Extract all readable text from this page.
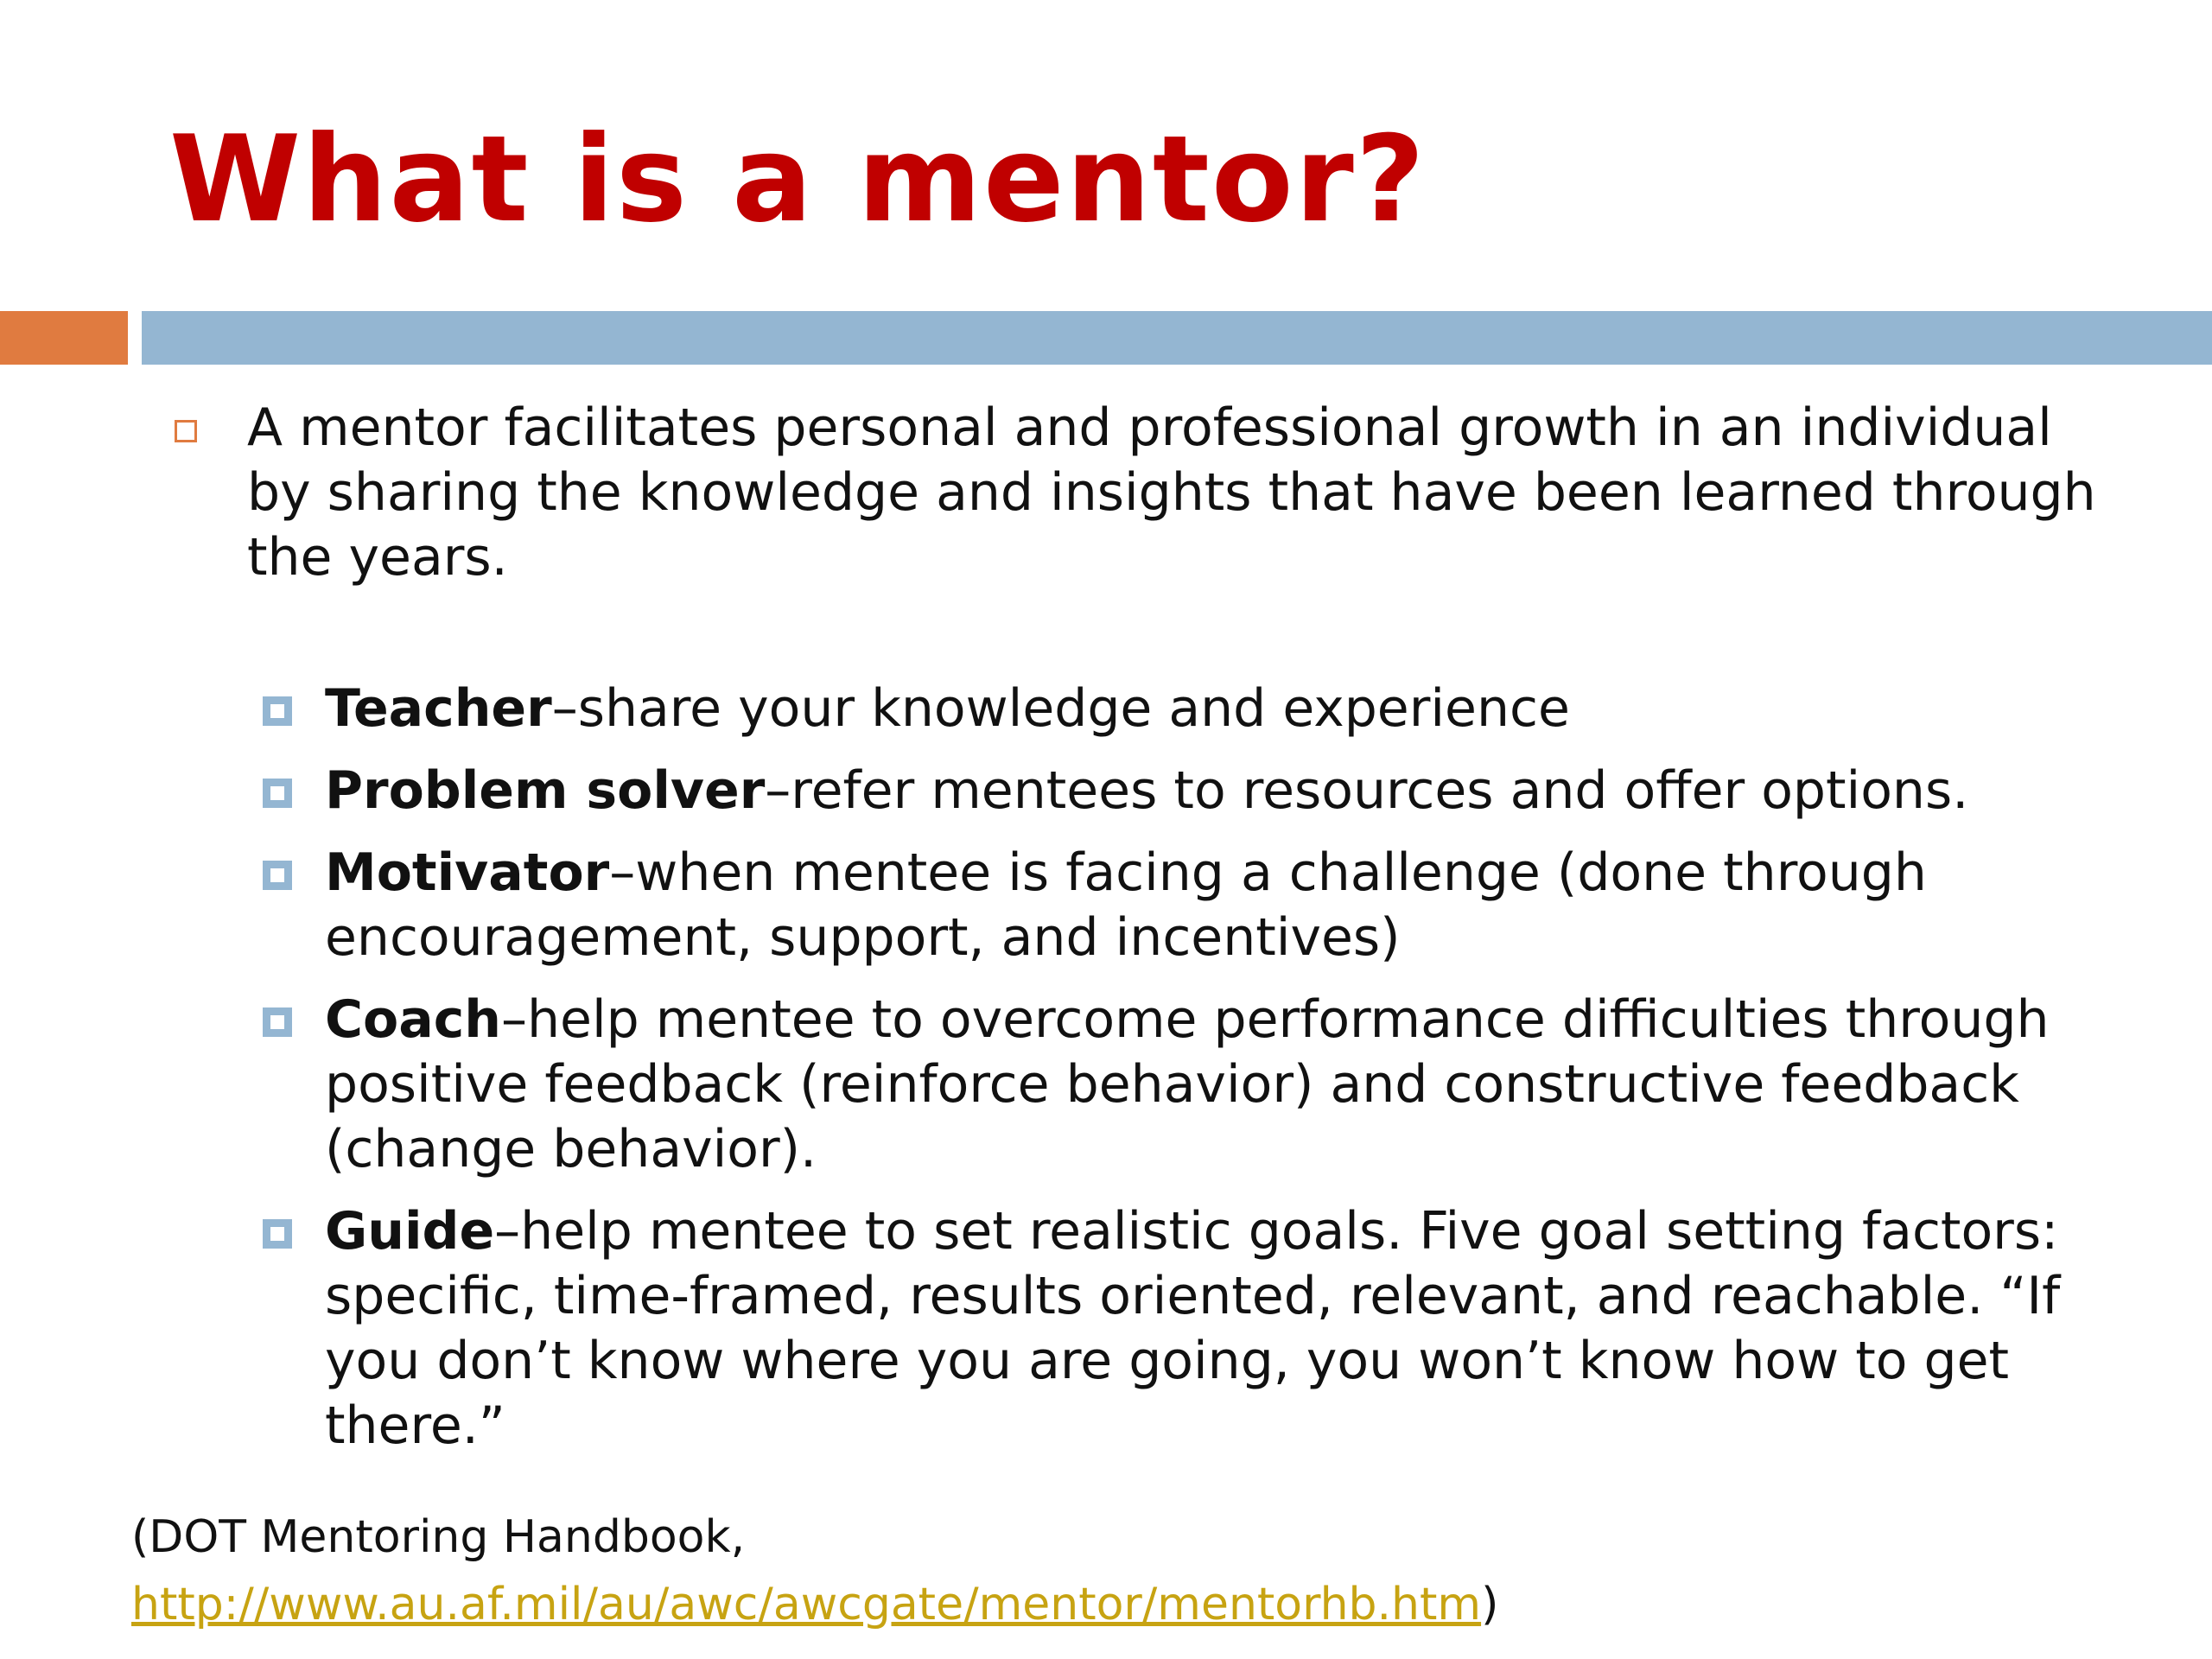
What is a mentor?

A mentor facilitates personal and professional growth in an individual by sharing the knowledge and insights that have been learned through the years.

Teacher–share your knowledge and experience
Problem solver–refer mentees to resources and offer options.
Motivator–when mentee is facing a challenge (done through encouragement, support, and incentives)
Coach–help mentee to overcome performance difficulties through positive feedback (reinforce behavior) and constructive feedback (change behavior).
Guide–help mentee to set realistic goals. Five goal setting factors: specific, time-framed, results oriented, relevant, and reachable. “If you don’t know where you are going, you won’t know how to get there.”
(DOT Mentoring Handbook,
http://www.au.af.mil/au/awc/awcgate/mentor/mentorhb.htm)
